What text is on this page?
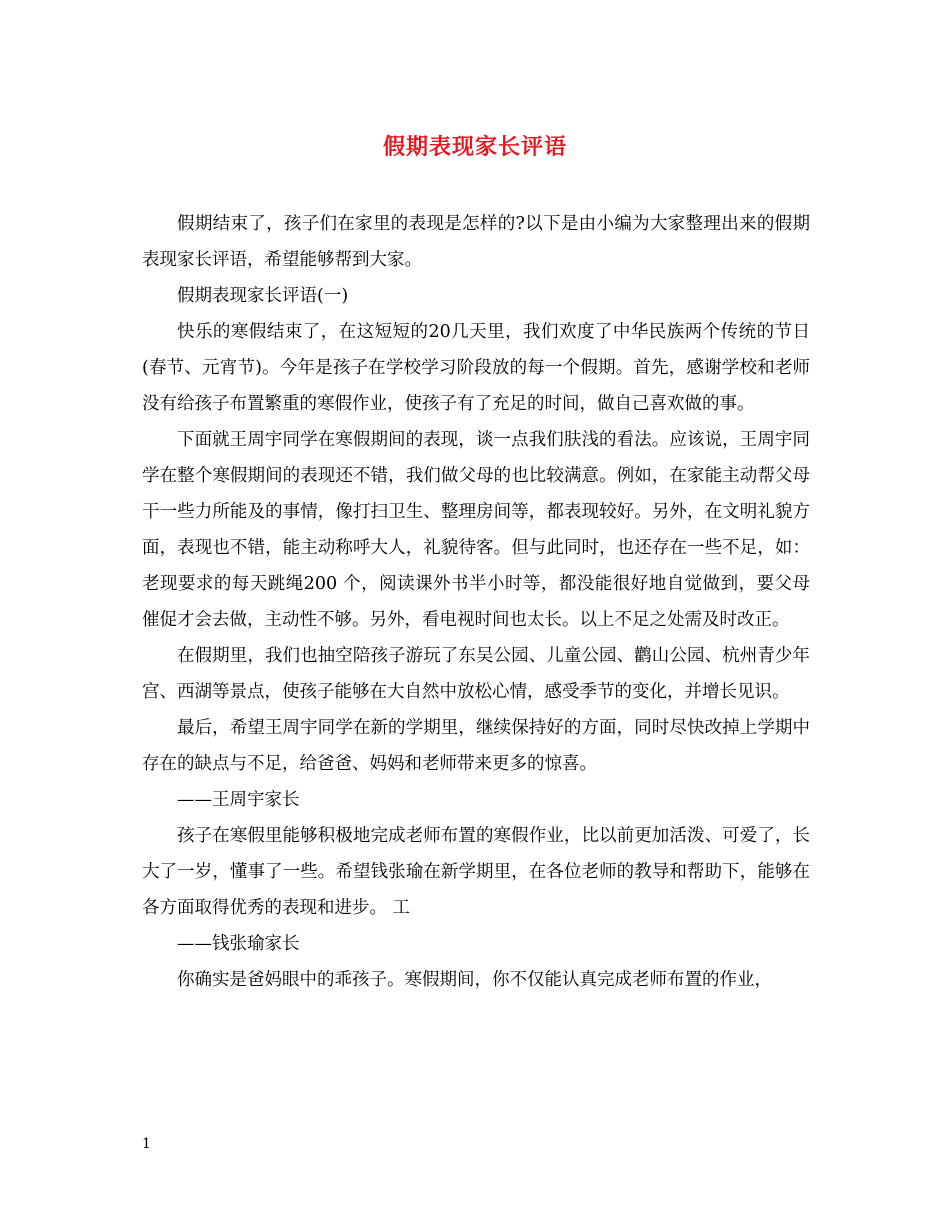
假期表现家长评语

假期结束了，孩子们在家里的表现是怎样的?以下是由小编为大家整理出来的假期表现家长评语，希望能够帮到大家。

假期表现家长评语(一)

快乐的寒假结束了，在这短短的20几天里，我们欢度了中华民族两个传统的节日(春节、元宵节)。今年是孩子在学校学习阶段放的每一个假期。首先，感谢学校和老师没有给孩子布置繁重的寒假作业，使孩子有了充足的时间，做自己喜欢做的事。

下面就王周宇同学在寒假期间的表现，谈一点我们肤浅的看法。应该说，王周宇同学在整个寒假期间的表现还不错，我们做父母的也比较满意。例如，在家能主动帮父母干一些力所能及的事情，像打扫卫生、整理房间等，都表现较好。另外，在文明礼貌方面，表现也不错，能主动称呼大人，礼貌待客。但与此同时，也还存在一些不足，如：老现要求的每天跳绳200 个，阅读课外书半小时等，都没能很好地自觉做到，要父母催促才会去做，主动性不够。另外，看电视时间也太长。以上不足之处需及时改正。

在假期里，我们也抽空陪孩子游玩了东吴公园、儿童公园、鹳山公园、杭州青少年宫、西湖等景点，使孩子能够在大自然中放松心情，感受季节的变化，并增长见识。

最后，希望王周宇同学在新的学期里，继续保持好的方面，同时尽快改掉上学期中存在的缺点与不足，给爸爸、妈妈和老师带来更多的惊喜。

——王周宇家长

孩子在寒假里能够积极地完成老师布置的寒假作业，比以前更加活泼、可爱了，长大了一岁，懂事了一些。希望钱张瑜在新学期里，在各位老师的教导和帮助下，能够在各方面取得优秀的表现和进步。 工

——钱张瑜家长

你确实是爸妈眼中的乖孩子。寒假期间，你不仅能认真完成老师布置的作业，

1
